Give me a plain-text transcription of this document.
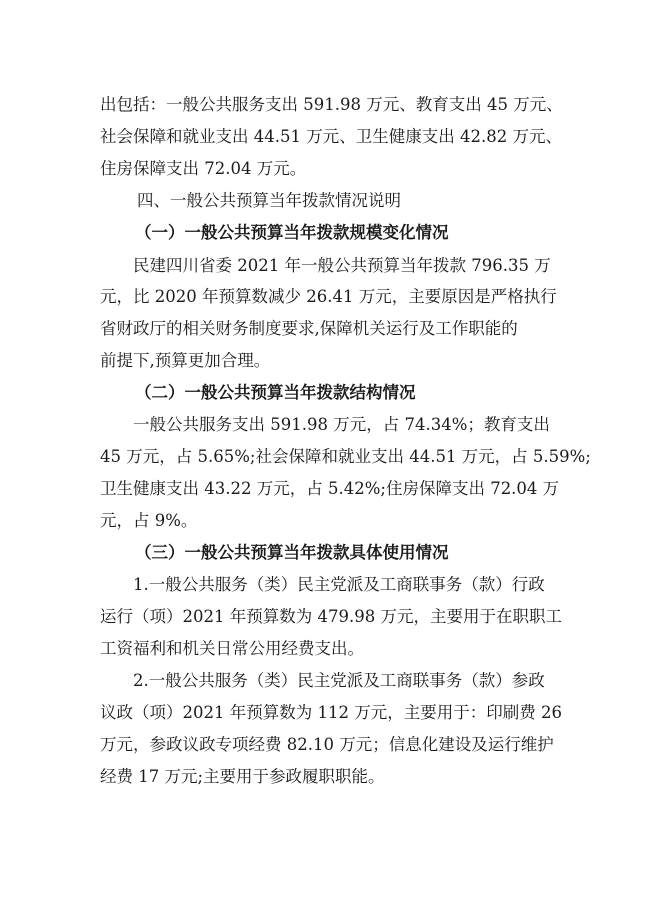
出包括：一般公共服务支出 591.98 万元、教育支出 45 万元、
社会保障和就业支出 44.51 万元、卫生健康支出 42.82 万元、
住房保障支出 72.04 万元。
四、一般公共预算当年拨款情况说明
（一）一般公共预算当年拨款规模变化情况
民建四川省委 2021 年一般公共预算当年拨款 796.35 万
元，比 2020 年预算数减少 26.41 万元，主要原因是严格执行
省财政厅的相关财务制度要求,保障机关运行及工作职能的
前提下,预算更加合理。
（二）一般公共预算当年拨款结构情况
一般公共服务支出 591.98 万元，占 74.34%；教育支出
45 万元，占 5.65%;社会保障和就业支出 44.51 万元，占 5.59%;
卫生健康支出 43.22 万元，占 5.42%;住房保障支出 72.04 万
元，占 9%。
（三）一般公共预算当年拨款具体使用情况
1.一般公共服务（类）民主党派及工商联事务（款）行政
运行（项）2021 年预算数为 479.98 万元，主要用于在职职工
工资福利和机关日常公用经费支出。
2.一般公共服务（类）民主党派及工商联事务（款）参政
议政（项）2021 年预算数为 112 万元，主要用于：印刷费 26
万元，参政议政专项经费 82.10 万元；信息化建设及运行维护
经费 17 万元;主要用于参政履职职能。
